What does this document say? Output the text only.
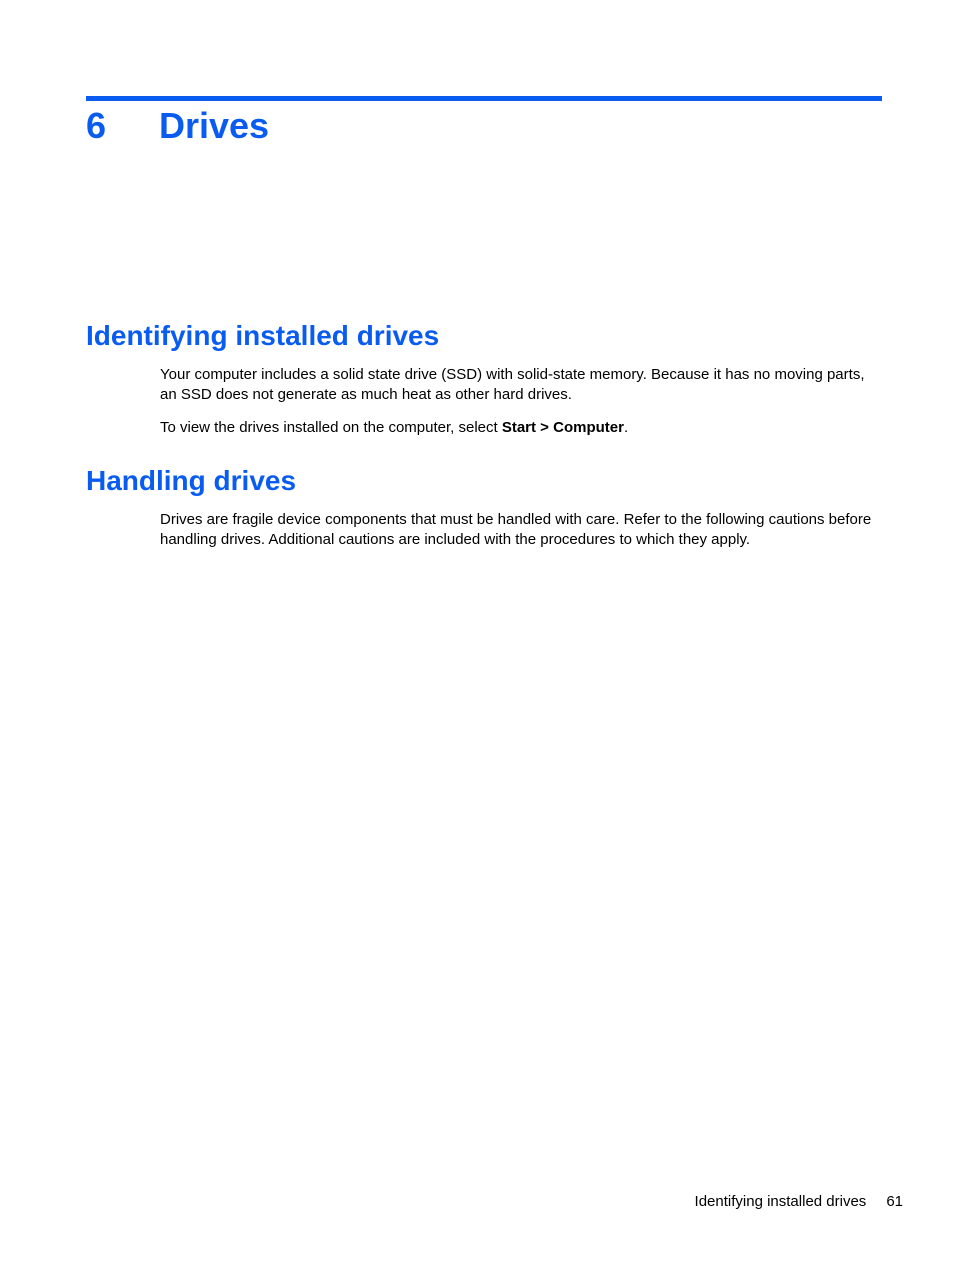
6 Drives
Identifying installed drives

Your computer includes a solid state drive (SSD) with solid-state memory. Because it has no moving parts, an SSD does not generate as much heat as other hard drives.

To view the drives installed on the computer, select Start > Computer.

Handling drives

Drives are fragile device components that must be handled with care. Refer to the following cautions before handling drives. Additional cautions are included with the procedures to which they apply.

Identifying installed drives 61
